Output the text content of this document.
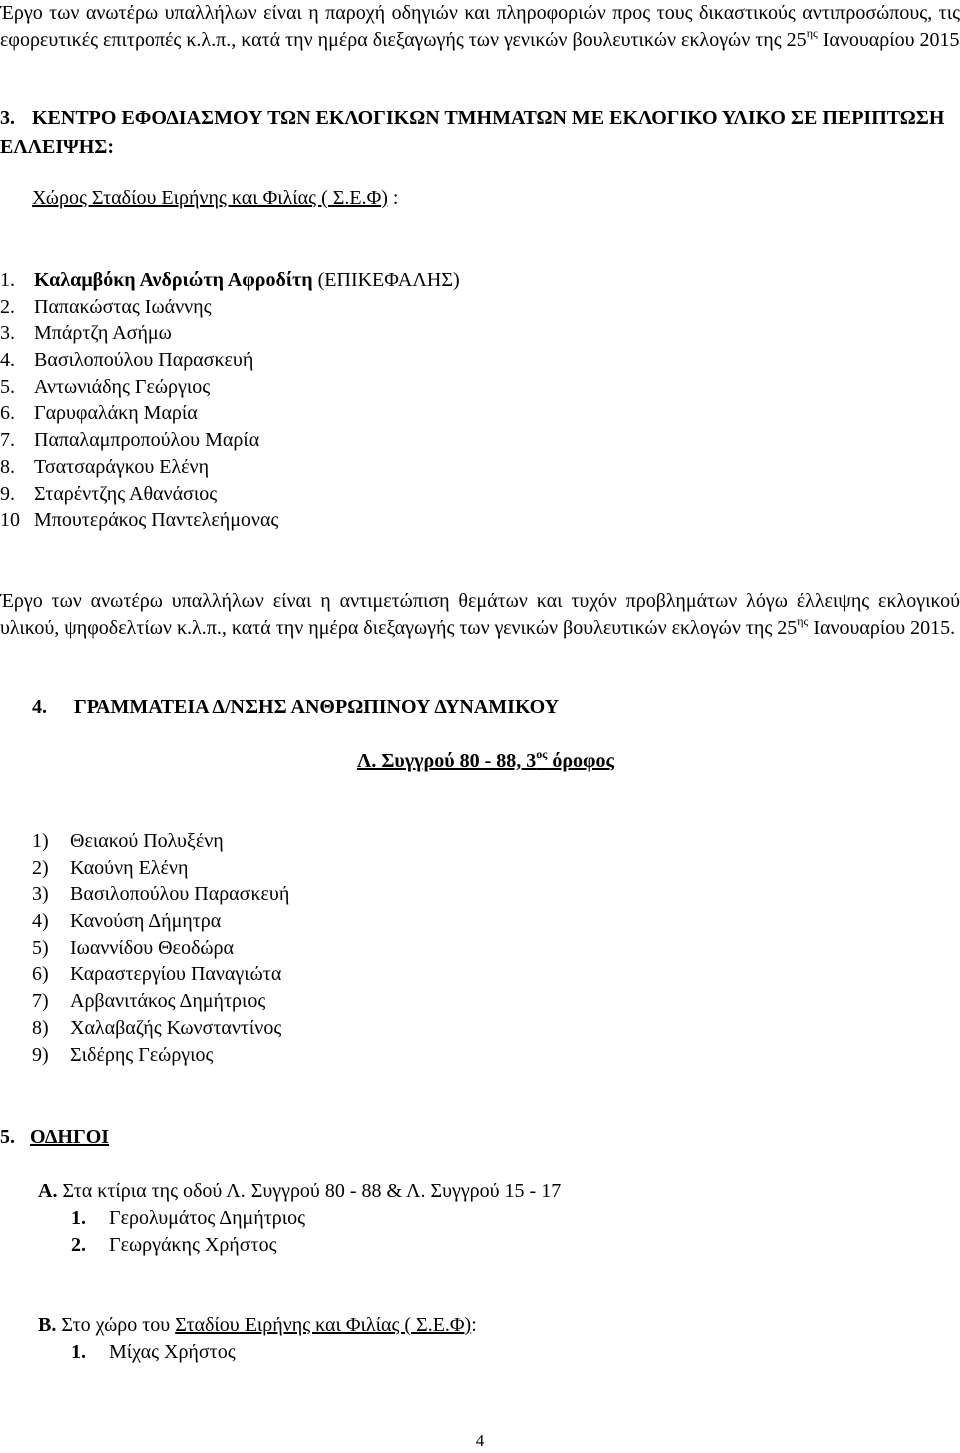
Έργο των ανωτέρω υπαλλήλων είναι η παροχή οδηγιών και πληροφοριών προς τους δικαστικούς αντιπροσώπους, τις εφορευτικές επιτροπές κ.λ.π., κατά την ημέρα διεξαγωγής των γενικών βουλευτικών εκλογών της $25^{\eta\varsigma}$ Ιανουαρίου 2015
3. ΚΕΝΤΡΟ ΕΦΟΔΙΑΣΜΟΥ ΤΩΝ ΕΚΛΟΓΙΚΩΝ ΤΜΗΜΑΤΩΝ ΜΕ ΕΚΛΟΓΙΚΟ ΥΛΙΚΟ ΣΕ ΠΕΡΙΠΤΩΣΗ ΕΛΛΕΙΨΗΣ:
Χώρος Σταδίου Ειρήνης και Φιλίας ( Σ.Ε.Φ) :
1. Καλαμβόκη Ανδριώτη Αφροδίτη (ΕΠΙΚΕΦΑΛΗΣ)
2. Παπακώστας Ιωάννης
3. Μπάρτζη Ασήμω
4. Βασιλοπούλου Παρασκευή
5. Αντωνιάδης Γεώργιος
6. Γαρυφαλάκη Μαρία
7. Παπαλαμπροπούλου Μαρία
8. Τσατσαράγκου Ελένη
9. Σταρέντζης Αθανάσιος
10 Μπουτεράκος Παντελεήμονας
Έργο των ανωτέρω υπαλλήλων είναι η αντιμετώπιση θεμάτων και τυχόν προβλημάτων λόγω έλλειψης εκλογικού υλικού, ψηφοδελτίων κ.λ.π., κατά την ημέρα διεξαγωγής των γενικών βουλευτικών εκλογών της $25^{\eta\varsigma}$ Ιανουαρίου 2015.
4. ΓΡΑΜΜΑΤΕΙΑ Δ/ΝΣΗΣ ΑΝΘΡΩΠΙΝΟΥ ΔΥΝΑΜΙΚΟΥ
Λ. Συγγρού 80 - 88, $3^{o\varsigma}$ όροφος
1) Θειακού Πολυξένη
2) Καούνη Ελένη
3) Βασιλοπούλου Παρασκευή
4) Κανούση Δήμητρα
5) Ιωαννίδου Θεοδώρα
6) Καραστεργίου Παναγιώτα
7) Αρβανιτάκος Δημήτριος
8) Χαλαβαζής Κωνσταντίνος
9) Σιδέρης Γεώργιος
5. ΟΔΗΓΟΙ
Α. Στα κτίρια της οδού Λ. Συγγρού 80 - 88 & Λ. Συγγρού 15 - 17
1. Γερολυμάτος Δημήτριος
2. Γεωργάκης Χρήστος
Β. Στο χώρο του Σταδίου Ειρήνης και Φιλίας ( Σ.Ε.Φ):
1. Μίχας Χρήστος
4
